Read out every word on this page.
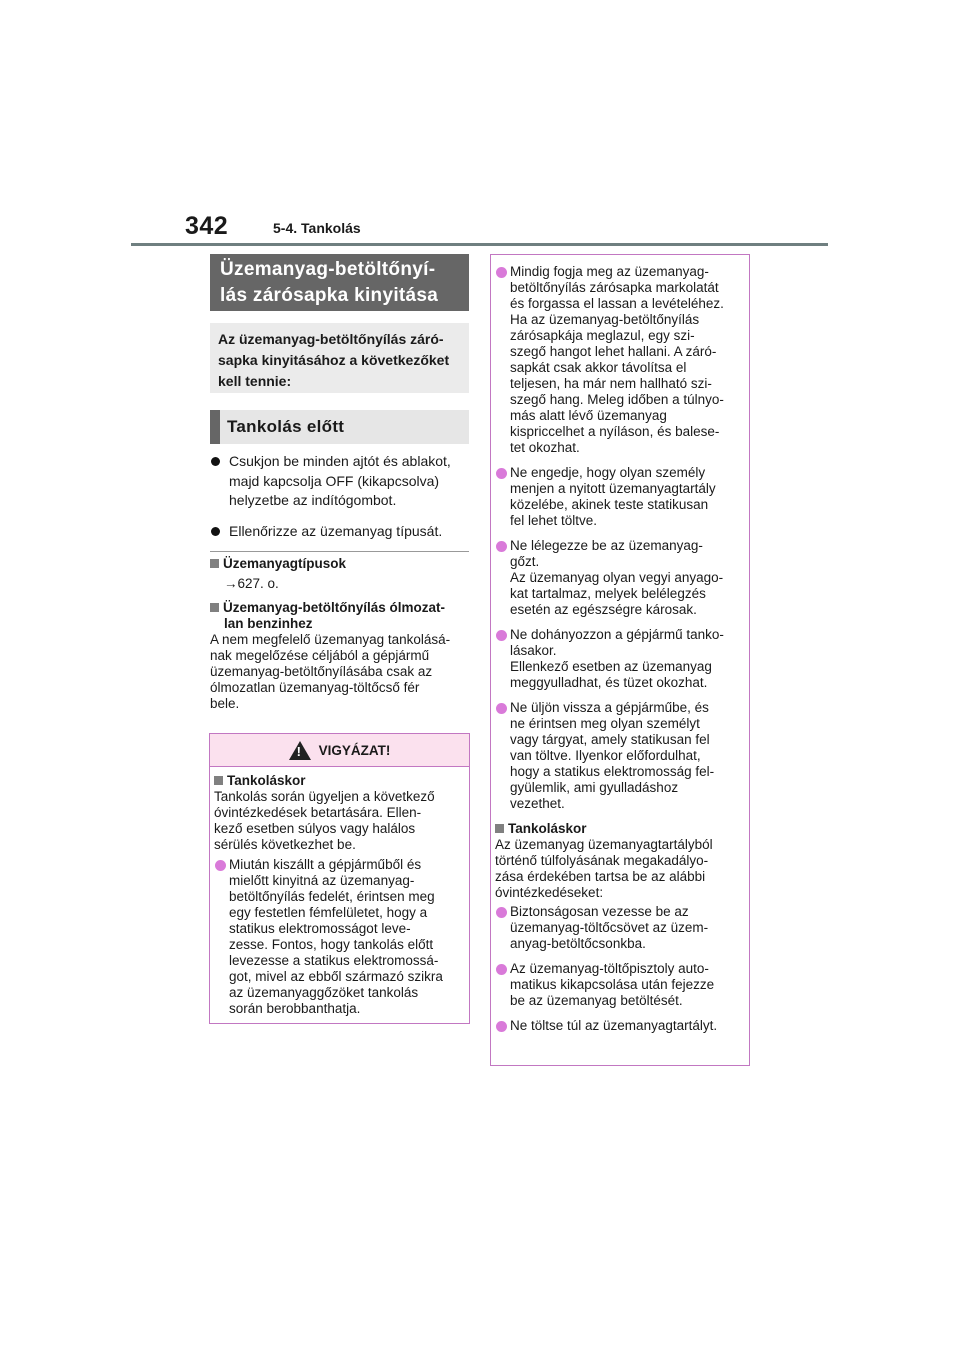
342	5-4. Tankolás
Üzemanyag-betöltőnyí-
lás zárósapka kinyitása
Az üzemanyag-betöltőnyílás záró-
sapka kinyitásához a következőket
kell tennie:
Tankolás előtt
Csukjon be minden ajtót és ablakot,
majd kapcsolja OFF (kikapcsolva)
helyzetbe az indítógombot.
Ellenőrizze az üzemanyag típusát.
Üzemanyagtípusok
→627. o.
Üzemanyag-betöltőnyílás ólmozat-
lan benzinhez
A nem megfelelő üzemanyag tankolásá-
nak megelőzése céljából a gépjármű
üzemanyag-betöltőnyílásába csak az
ólmozatlan üzemanyag-töltőcső fér
bele.
!
VIGYÁZAT!
Tankoláskor
Tankolás során ügyeljen a következő
óvintézkedések betartására. Ellen-
kező esetben súlyos vagy halálos
sérülés következhet be.
Miután kiszállt a gépjárműből és
mielőtt kinyitná az üzemanyag-
betöltőnyílás fedelét, érintsen meg
egy festetlen fémfelületet, hogy a
statikus elektromosságot leve-
zesse. Fontos, hogy tankolás előtt
levezesse a statikus elektromossá-
got, mivel az ebből származó szikra
az üzemanyaggőzöket tankolás
során berobbanthatja.
Mindig fogja meg az üzemanyag-
betöltőnyílás zárósapka markolatát
és forgassa el lassan a levételéhez.
Ha az üzemanyag-betöltőnyílás
zárósapkája meglazul, egy szi-
szegő hangot lehet hallani. A záró-
sapkát csak akkor távolítsa el
teljesen, ha már nem hallható szi-
szegő hang. Meleg időben a túlnyo-
más alatt lévő üzemanyag
kispriccelhet a nyíláson, és balese-
tet okozhat.
Ne engedje, hogy olyan személy
menjen a nyitott üzemanyagtartály
közelébe, akinek teste statikusan
fel lehet töltve.
Ne lélegezze be az üzemanyag-
gőzt.
Az üzemanyag olyan vegyi anyago-
kat tartalmaz, melyek belélegzés
esetén az egészségre károsak.
Ne dohányozzon a gépjármű tanko-
lásakor.
Ellenkező esetben az üzemanyag
meggyulladhat, és tüzet okozhat.
Ne üljön vissza a gépjárműbe, és
ne érintsen meg olyan személyt
vagy tárgyat, amely statikusan fel
van töltve. Ilyenkor előfordulhat,
hogy a statikus elektromosság fel-
gyülemlik, ami gyulladáshoz
vezethet.
Tankoláskor
Az üzemanyag üzemanyagtartályból
történő túlfolyásának megakadályo-
zása érdekében tartsa be az alábbi
óvintézkedéseket:
Biztonságosan vezesse be az
üzemanyag-töltőcsövet az üzem-
anyag-betöltőcsonkba.
Az üzemanyag-töltőpisztoly auto-
matikus kikapcsolása után fejezze
be az üzemanyag betöltését.
Ne töltse túl az üzemanyagtartályt.
